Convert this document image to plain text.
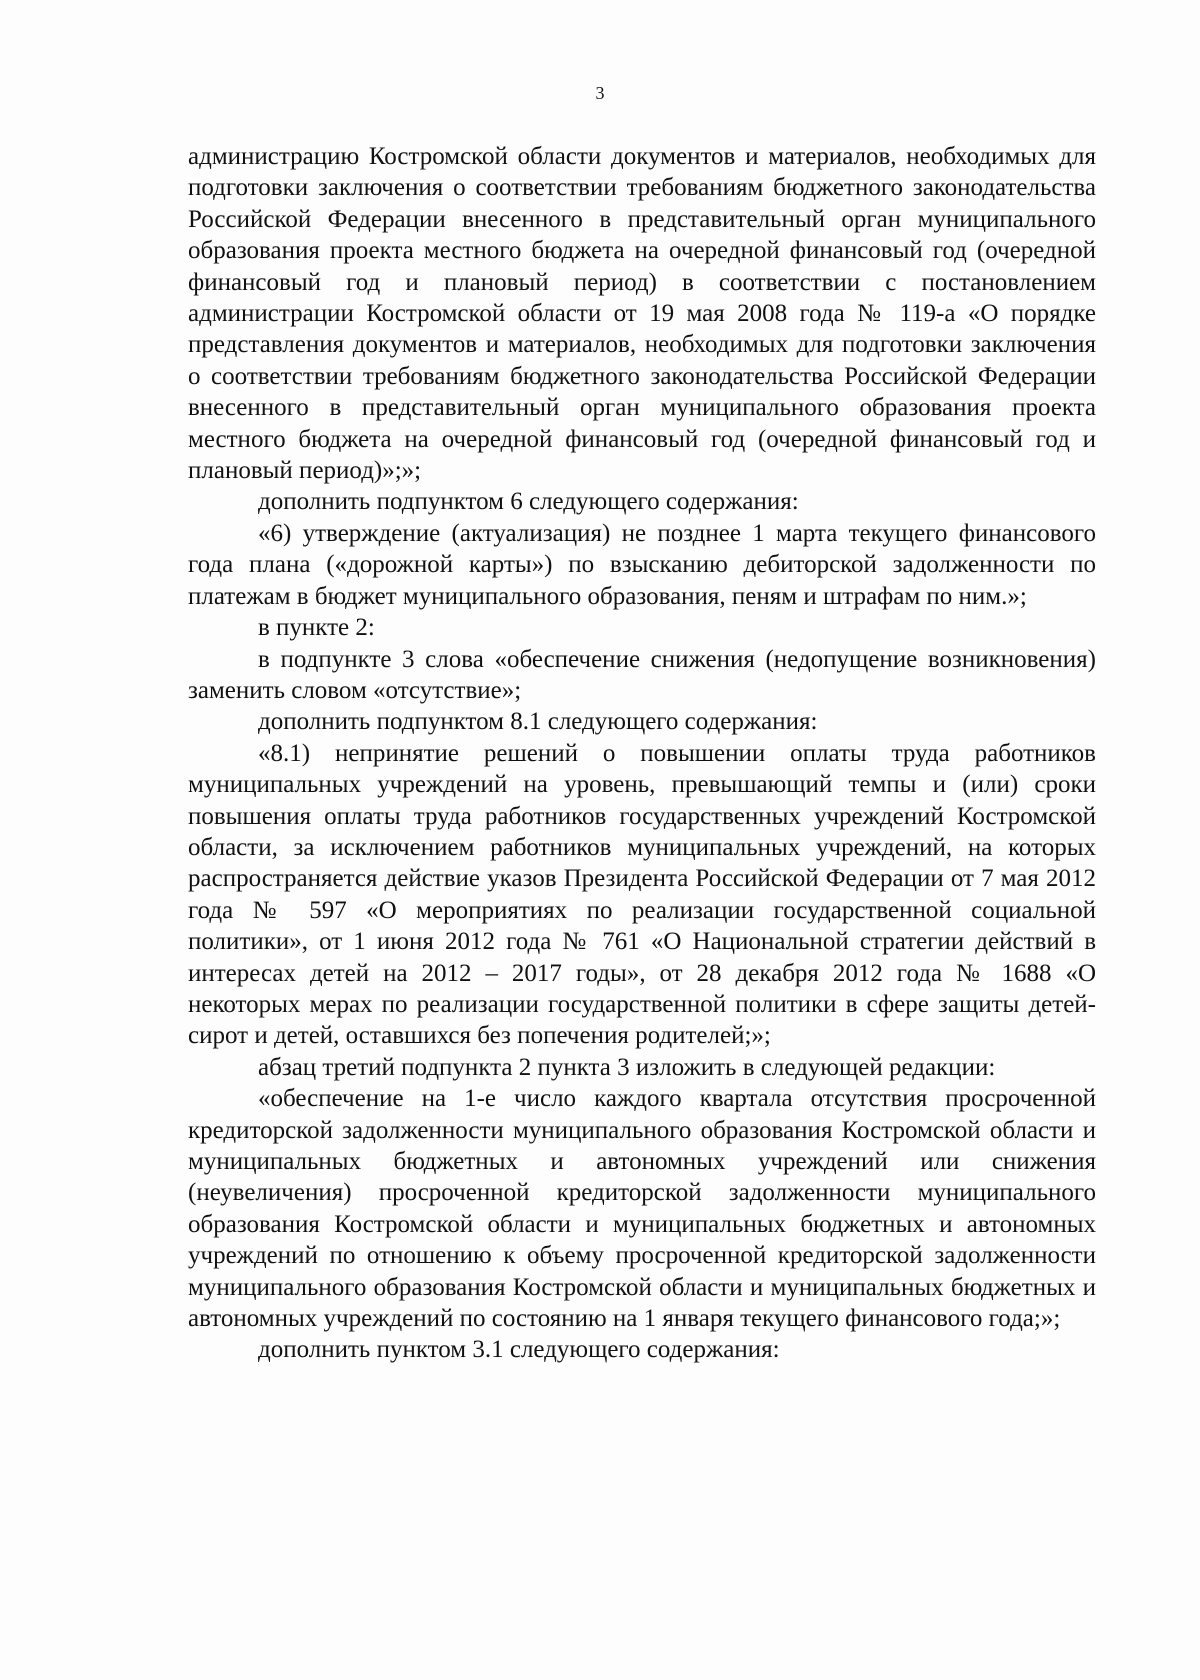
3

администрацию Костромской области документов и материалов, необходимых для подготовки заключения о соответствии требованиям бюджетного законодательства Российской Федерации внесенного в представительный орган муниципального образования проекта местного бюджета на очередной финансовый год (очередной финансовый год и плановый период) в соответствии с постановлением администрации Костромской области от 19 мая 2008 года № 119-а «О порядке представления документов и материалов, необходимых для подготовки заключения о соответствии требованиям бюджетного законодательства Российской Федерации внесенного в представительный орган муниципального образования проекта местного бюджета на очередной финансовый год (очередной финансовый год и плановый период)»;»;

дополнить подпунктом 6 следующего содержания:

«6) утверждение (актуализация) не позднее 1 марта текущего финансового года плана («дорожной карты») по взысканию дебиторской задолженности по платежам в бюджет муниципального образования, пеням и штрафам по ним.»;

в пункте 2:

в подпункте 3 слова «обеспечение снижения (недопущение возникновения) заменить словом «отсутствие»;

дополнить подпунктом 8.1 следующего содержания:

«8.1) непринятие решений о повышении оплаты труда работников муниципальных учреждений на уровень, превышающий темпы и (или) сроки повышения оплаты труда работников государственных учреждений Костромской области, за исключением работников муниципальных учреждений, на которых распространяется действие указов Президента Российской Федерации от 7 мая 2012 года № 597 «О мероприятиях по реализации государственной социальной политики», от 1 июня 2012 года № 761 «О Национальной стратегии действий в интересах детей на 2012 – 2017 годы», от 28 декабря 2012 года № 1688 «О некоторых мерах по реализации государственной политики в сфере защиты детей-сирот и детей, оставшихся без попечения родителей;»;

абзац третий подпункта 2 пункта 3 изложить в следующей редакции:

«обеспечение на 1-е число каждого квартала отсутствия просроченной кредиторской задолженности муниципального образования Костромской области и муниципальных бюджетных и автономных учреждений или снижения (неувеличения) просроченной кредиторской задолженности муниципального образования Костромской области и муниципальных бюджетных и автономных учреждений по отношению к объему просроченной кредиторской задолженности муниципального образования Костромской области и муниципальных бюджетных и автономных учреждений по состоянию на 1 января текущего финансового года;»;

дополнить пунктом 3.1 следующего содержания:
